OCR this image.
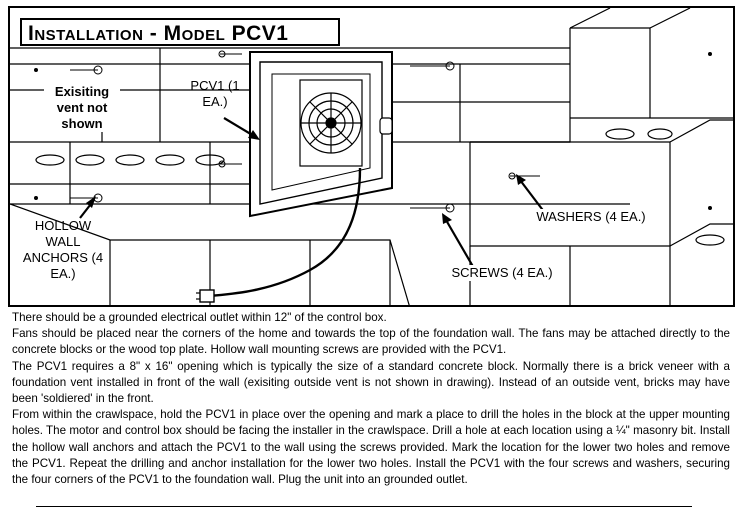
Installation - Model PCV1
Exisiting vent not shown
PCV1 (1 EA.)
HOLLOW WALL ANCHORS (4 EA.)
WASHERS (4 EA.)
SCREWS (4 EA.)

There should be a grounded electrical outlet within 12" of the control box.

Fans should be placed near the corners of the home and towards the top of the foundation wall. The fans may be attached directly to the concrete blocks or the wood top plate. Hollow wall mounting screws are provided with the PCV1.

The PCV1 requires a 8" x 16" opening which is typically the size of a standard concrete block. Normally there is a brick veneer with a foundation vent installed in front of the wall (exisiting outside vent is not shown in drawing). Instead of an outside vent, bricks may have been 'soldiered' in the front.

From within the crawlspace, hold the PCV1 in place over the opening and mark a place to drill the holes in the block at the upper mounting holes. The motor and control box should be facing the installer in the crawlspace. Drill a hole at each location using a ¼" masonry bit. Install the hollow wall anchors and attach the PCV1 to the wall using the screws provided. Mark the location for the lower two holes and remove the PCV1. Repeat the drilling and anchor installation for the lower two holes. Install the PCV1 with the four screws and washers, securing the four corners of the PCV1 to the foundation wall. Plug the unit into an grounded outlet.
